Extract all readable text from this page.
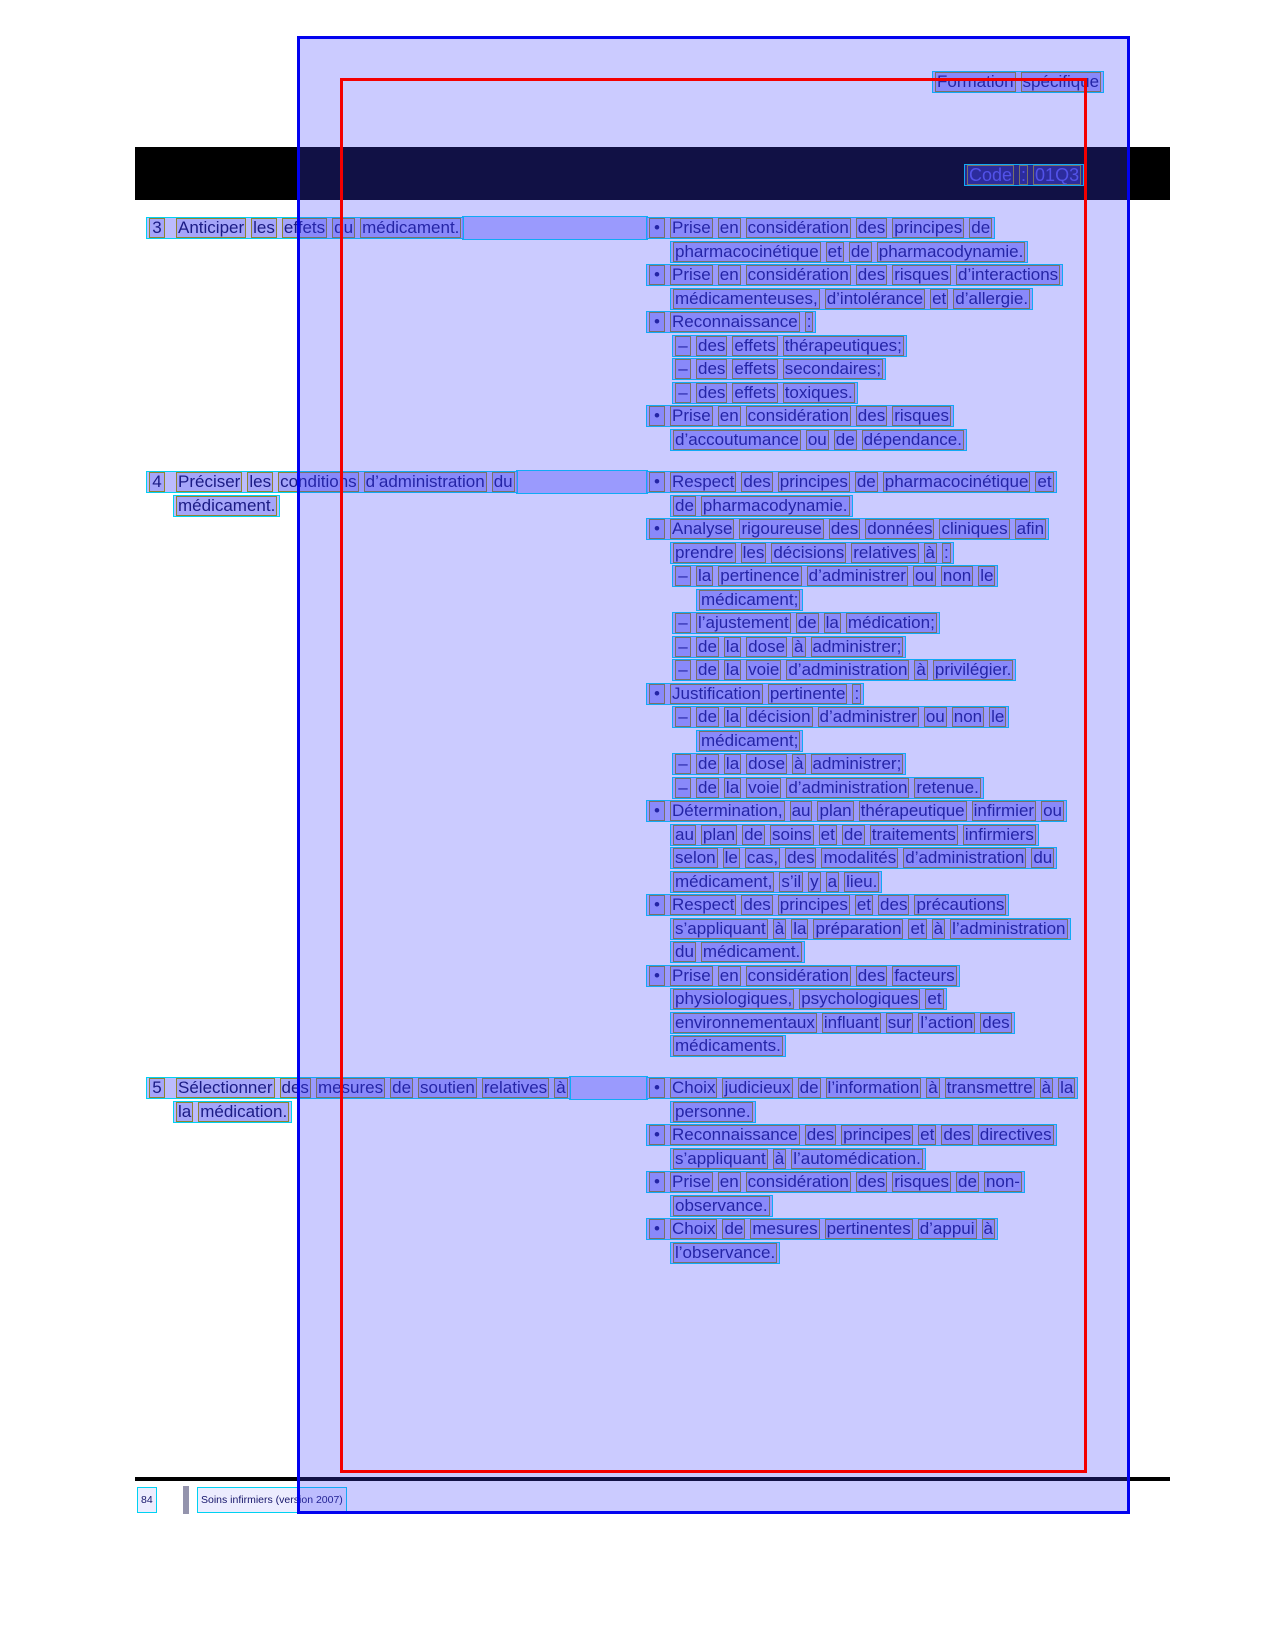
84	Soins infirmiers (version 2007)
Formation spécifique
Code : 01Q3
3 Anticiper les effets du médicament.	• Prise en considération des principes de
pharmacocinétique et de pharmacodynamie.
• Prise en considération des risques d’interactions
médicamenteuses, d’intolérance et d’allergie.
• Reconnaissance :
– des effets thérapeutiques;
– des effets secondaires;
– des effets toxiques.
• Prise en considération des risques
d’accoutumance ou de dépendance.
4 Préciser les conditions d’administration du
médicament.
• Respect des principes de pharmacocinétique et
de pharmacodynamie.
• Analyse rigoureuse des données cliniques afin
prendre les décisions relatives à :
– la pertinence d’administrer ou non le
médicament;
– l’ajustement de la médication;
– de la dose à administrer;
– de la voie d’administration à privilégier.
• Justification pertinente :
– de la décision d’administrer ou non le
médicament;
– de la dose à administrer;
– de la voie d’administration retenue.
• Détermination, au plan thérapeutique infirmier ou
au plan de soins et de traitements infirmiers
selon le cas, des modalités d’administration du
médicament, s’il y a lieu.
• Respect des principes et des précautions
s’appliquant à la préparation et à l’administration
du médicament.
• Prise en considération des facteurs
physiologiques, psychologiques et
environnementaux influant sur l’action des
médicaments.
5 Sélectionner des mesures de soutien relatives à
la médication.
• Choix judicieux de l’information à transmettre à la
personne.
• Reconnaissance des principes et des directives
s’appliquant à l’automédication.
• Prise en considération des risques de non-
observance.
• Choix de mesures pertinentes d’appui à
l’observance.
